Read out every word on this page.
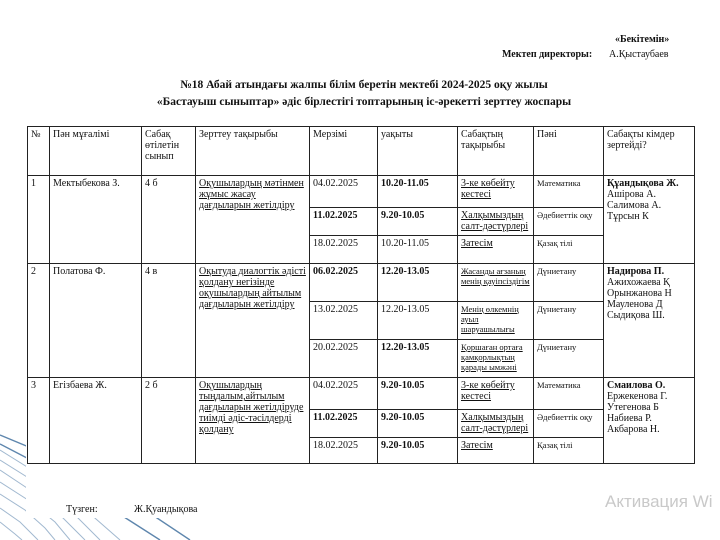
«Бекітемін»
Мектеп директоры: А.Қыстаубаев
№18 Абай атындағы жалпы білім беретін мектебі 2024-2025 оқу жылы
«Бастауыш сыныптар» әдіс бірлестігі топтарының іс-әрекетті зерттеу жоспары
№	Пән мұғалімі	Сабақ өтілетін сынып	Зерттеу тақырыбы	Мерзімі	уақыты	Сабақтың тақырыбы	Пәні	Сабақты кімдер зертейді?
1	Мектыбекова З.	4 б	Оқушылардың мәтінмен жұмыс жасау дағдыларын жетілдіру	04.02.2025	10.20-11.05	3-ке көбейту кестесі	Математика	Құандықова Ж.
Ашірова А.
Салимова А.
Тұрсын К

				11.02.2025	9.20-10.05	Халқымыздың салт-дәстүрлері	Әдебиеттік оқу	
				18.02.2025	10.20-11.05	Затесім	Қазақ тілі	
2	Полатова Ф.	4 в	Оқытуда диалогтік әдісті қолдану негізінде оқушылардың айтылым дағдыларын жетілдіру	06.02.2025	12.20-13.05	Жасанды ағзаның менің қауіпсіздігім	Дүниетану	Надирова П.
Ажихожаева Қ
Орынжанова Н
Мауленова Д
Сыдиқова Ш.

				13.02.2025	12.20-13.05	Менің өлкемнің ауыл шаруашылығы	Дүниетану	
				20.02.2025	12.20-13.05	Қоршаған ортаға қамқорлықтың қарады ымжәні	Дүниетану	
3	Егізбаева Ж.	2 б	Оқушылардың тыңдалым,айтылым дағдыларын жетілдіруде тиімді әдіс-тәсілдерді қолдану	04.02.2025	9.20-10.05	3-ке көбейту кестесі	Математика	Смаилова О.
Ержекенова Г.
Утегенова Б
Набиева Р.
Акбарова Н.

				11.02.2025	9.20-10.05	Халқымыздың салт-дәстүрлері	Әдебиеттік оқу	
				18.02.2025	9.20-10.05	Затесім	Қазақ тілі	
Түзген:	Ж.Қуандықова	Активация Wi
